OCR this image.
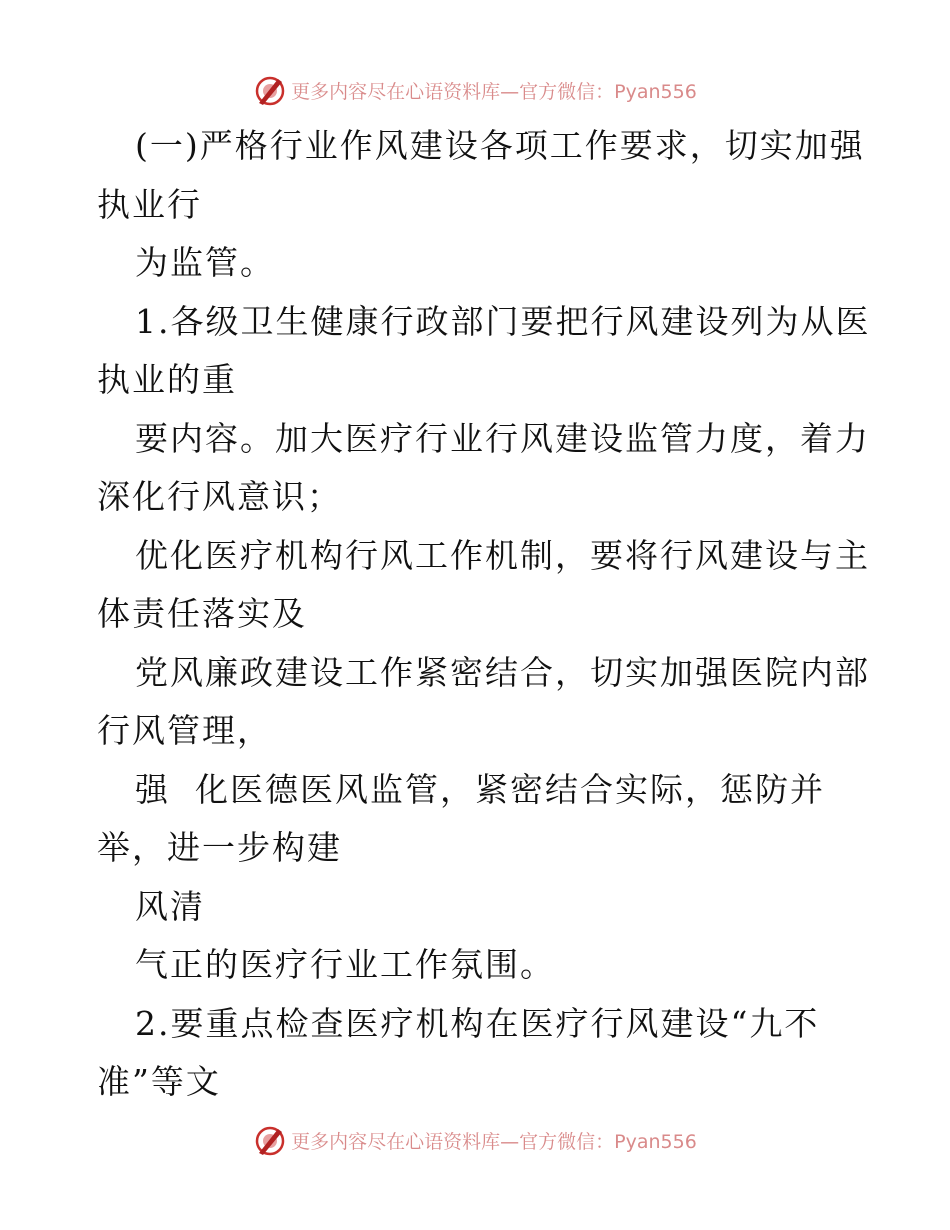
更多内容尽在心语资料库—官方微信：Pyan556
(一)严格行业作风建设各项工作要求，切实加强
执业行
为监管。
1.各级卫生健康行政部门要把行风建设列为从医
执业的重
要内容。加大医疗行业行风建设监管力度，着力
深化行风意识；
优化医疗机构行风工作机制，要将行风建设与主
体责任落实及
党风廉政建设工作紧密结合，切实加强医院内部
行风管理，
强  化医德医风监管，紧密结合实际，惩防并
举，进一步构建
风清
气正的医疗行业工作氛围。
2.要重点检查医疗机构在医疗行风建设“九不
准”等文
更多内容尽在心语资料库—官方微信：Pyan556
